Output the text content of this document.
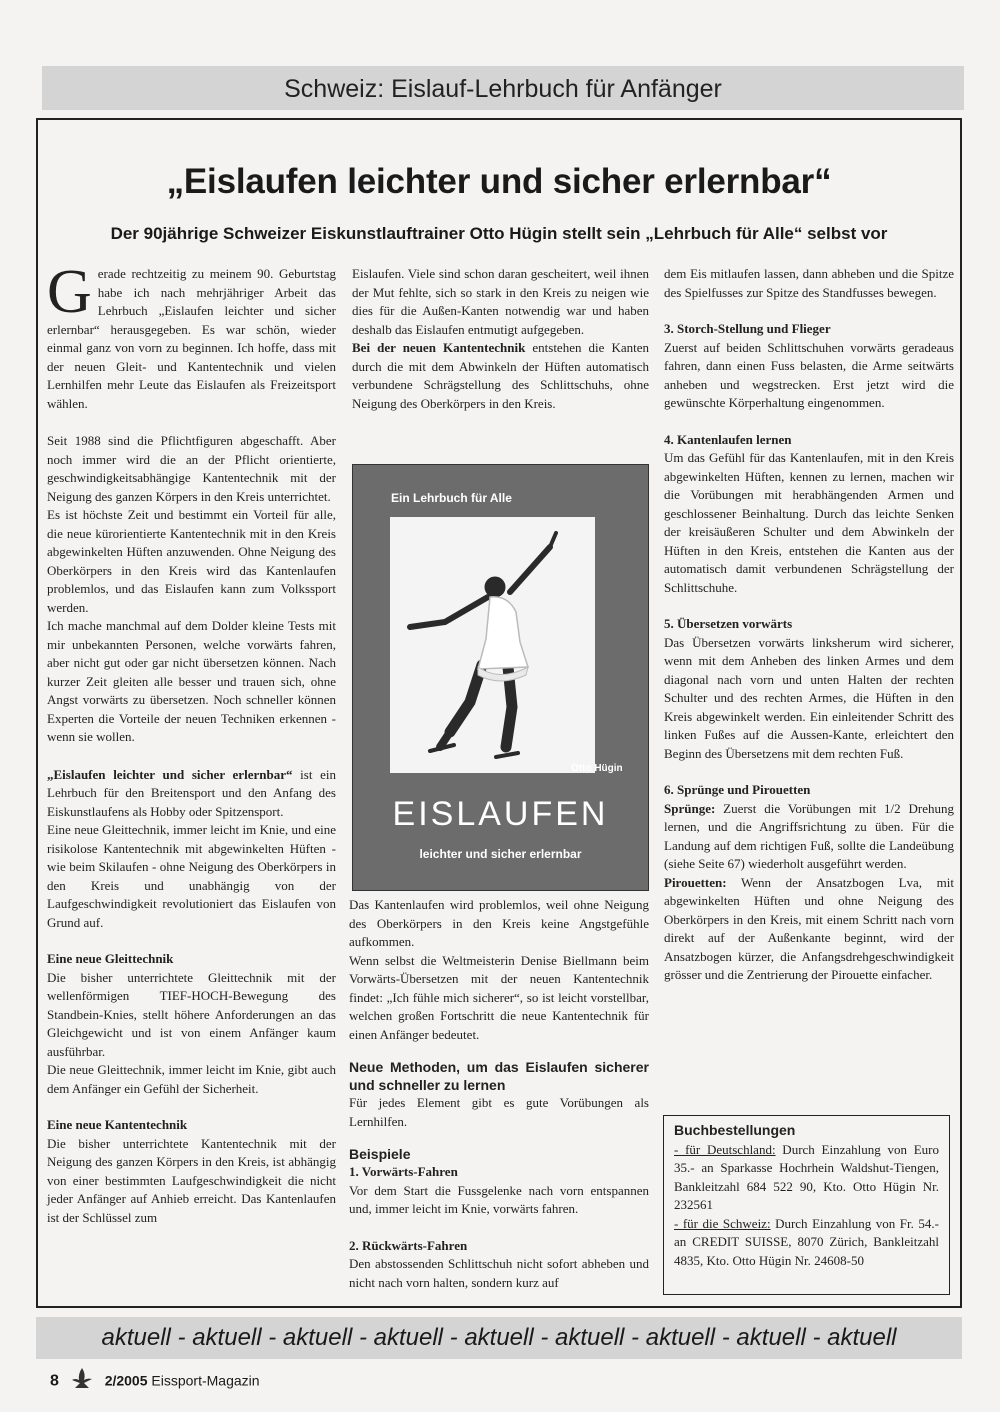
Schweiz: Eislauf-Lehrbuch für Anfänger
„Eislaufen leichter und sicher erlernbar“
Der 90jährige Schweizer Eiskunstlauftrainer Otto Hügin stellt sein „Lehrbuch für Alle“ selbst vor

Gerade rechtzeitig zu meinem 90. Geburtstag habe ich nach mehrjähriger Arbeit das Lehrbuch „Eislaufen leichter und sicher erlernbar“ herausgegeben. Es war schön, wieder einmal ganz von vorn zu beginnen. Ich hoffe, dass mit der neuen Gleit- und Kantentechnik und vielen Lernhilfen mehr Leute das Eislaufen als Freizeitsport wählen.

Seit 1988 sind die Pflichtfiguren abgeschafft. Aber noch immer wird die an der Pflicht orientierte, geschwindigkeitsabhängige Kantentechnik mit der Neigung des ganzen Körpers in den Kreis unterrichtet.

Es ist höchste Zeit und bestimmt ein Vorteil für alle, die neue kürorientierte Kantentechnik mit in den Kreis abgewinkelten Hüften anzuwenden. Ohne Neigung des Oberkörpers in den Kreis wird das Kantenlaufen problemlos, und das Eislaufen kann zum Volkssport werden.

Ich mache manchmal auf dem Dolder kleine Tests mit mir unbekannten Personen, welche vorwärts fahren, aber nicht gut oder gar nicht übersetzen können. Nach kurzer Zeit gleiten alle besser und trauen sich, ohne Angst vorwärts zu übersetzen. Noch schneller können Experten die Vorteile der neuen Techniken erkennen - wenn sie wollen.

„Eislaufen leichter und sicher erlernbar“ ist ein Lehrbuch für den Breitensport und den Anfang des Eiskunstlaufens als Hobby oder Spitzensport.

Eine neue Gleittechnik, immer leicht im Knie, und eine risikolose Kantentechnik mit abgewinkelten Hüften - wie beim Skilaufen - ohne Neigung des Oberkörpers in den Kreis und unabhängig von der Laufgeschwindigkeit revolutioniert das Eislaufen von Grund auf.

Eine neue Gleittechnik

Die bisher unterrichtete Gleittechnik mit der wellenförmigen TIEF-HOCH-Bewegung des Standbein-Knies, stellt höhere Anforderungen an das Gleichgewicht und ist von einem Anfänger kaum ausführbar.

Die neue Gleittechnik, immer leicht im Knie, gibt auch dem Anfänger ein Gefühl der Sicherheit.

Eine neue Kantentechnik

Die bisher unterrichtete Kantentechnik mit der Neigung des ganzen Körpers in den Kreis, ist abhängig von einer bestimmten Laufgeschwindigkeit die nicht jeder Anfänger auf Anhieb erreicht. Das Kantenlaufen ist der Schlüssel zum

Eislaufen. Viele sind schon daran gescheitert, weil ihnen der Mut fehlte, sich so stark in den Kreis zu neigen wie dies für die Außen-Kanten notwendig war und haben deshalb das Eislaufen entmutigt aufgegeben.

Bei der neuen Kantentechnik entstehen die Kanten durch die mit dem Abwinkeln der Hüften automatisch verbundene Schrägstellung des Schlittschuhs, ohne Neigung des Oberkörpers in den Kreis.

Ein Lehrbuch für Alle
Otto Hügin
EISLAUFEN
leichter und sicher erlernbar

Das Kantenlaufen wird problemlos, weil ohne Neigung des Oberkörpers in den Kreis keine Angstgefühle aufkommen.

Wenn selbst die Weltmeisterin Denise Biellmann beim Vorwärts-Übersetzen mit der neuen Kantentechnik findet: „Ich fühle mich sicherer“, so ist leicht vorstellbar, welchen großen Fortschritt die neue Kantentechnik für einen Anfänger bedeutet.

Neue Methoden, um das Eislaufen sicherer und schneller zu lernen

Für jedes Element gibt es gute Vorübungen als Lernhilfen.

Beispiele

1. Vorwärts-Fahren

Vor dem Start die Fussgelenke nach vorn entspannen und, immer leicht im Knie, vorwärts fahren.

2. Rückwärts-Fahren

Den abstossenden Schlittschuh nicht sofort abheben und nicht nach vorn halten, sondern kurz auf

dem Eis mitlaufen lassen, dann abheben und die Spitze des Spielfusses zur Spitze des Standfusses bewegen.

3. Storch-Stellung und Flieger

Zuerst auf beiden Schlittschuhen vorwärts geradeaus fahren, dann einen Fuss belasten, die Arme seitwärts anheben und wegstrecken. Erst jetzt wird die gewünschte Körperhaltung eingenommen.

4. Kantenlaufen lernen

Um das Gefühl für das Kantenlaufen, mit in den Kreis abgewinkelten Hüften, kennen zu lernen, machen wir die Vorübungen mit herabhängenden Armen und geschlossener Beinhaltung. Durch das leichte Senken der kreisäußeren Schulter und dem Abwinkeln der Hüften in den Kreis, entstehen die Kanten aus der automatisch damit verbundenen Schrägstellung der Schlittschuhe.

5. Übersetzen vorwärts

Das Übersetzen vorwärts linksherum wird sicherer, wenn mit dem Anheben des linken Armes und dem diagonal nach vorn und unten Halten der rechten Schulter und des rechten Armes, die Hüften in den Kreis abgewinkelt werden. Ein einleitender Schritt des linken Fußes auf die Aussen-Kante, erleichtert den Beginn des Übersetzens mit dem rechten Fuß.

6. Sprünge und Pirouetten

Sprünge: Zuerst die Vorübungen mit 1/2 Drehung lernen, und die Angriffsrichtung zu üben. Für die Landung auf dem richtigen Fuß, sollte die Landeübung (siehe Seite 67) wiederholt ausgeführt werden.

Pirouetten: Wenn der Ansatzbogen Lva, mit abgewinkelten Hüften und ohne Neigung des Oberkörpers in den Kreis, mit einem Schritt nach vorn direkt auf der Außenkante beginnt, wird der Ansatzbogen kürzer, die Anfangsdrehgeschwindigkeit grösser und die Zentrierung der Pirouette einfacher.

Buchbestellungen

- für Deutschland: Durch Einzahlung von Euro 35.- an Sparkasse Hochrhein Waldshut-Tiengen, Bankleitzahl 684 522 90, Kto. Otto Hügin Nr. 232561

- für die Schweiz: Durch Einzahlung von Fr. 54.- an CREDIT SUISSE, 8070 Zürich, Bankleitzahl 4835, Kto. Otto Hügin Nr. 24608-50

aktuell - aktuell - aktuell - aktuell - aktuell - aktuell - aktuell - aktuell - aktuell
8	2/2005 Eissport-Magazin
